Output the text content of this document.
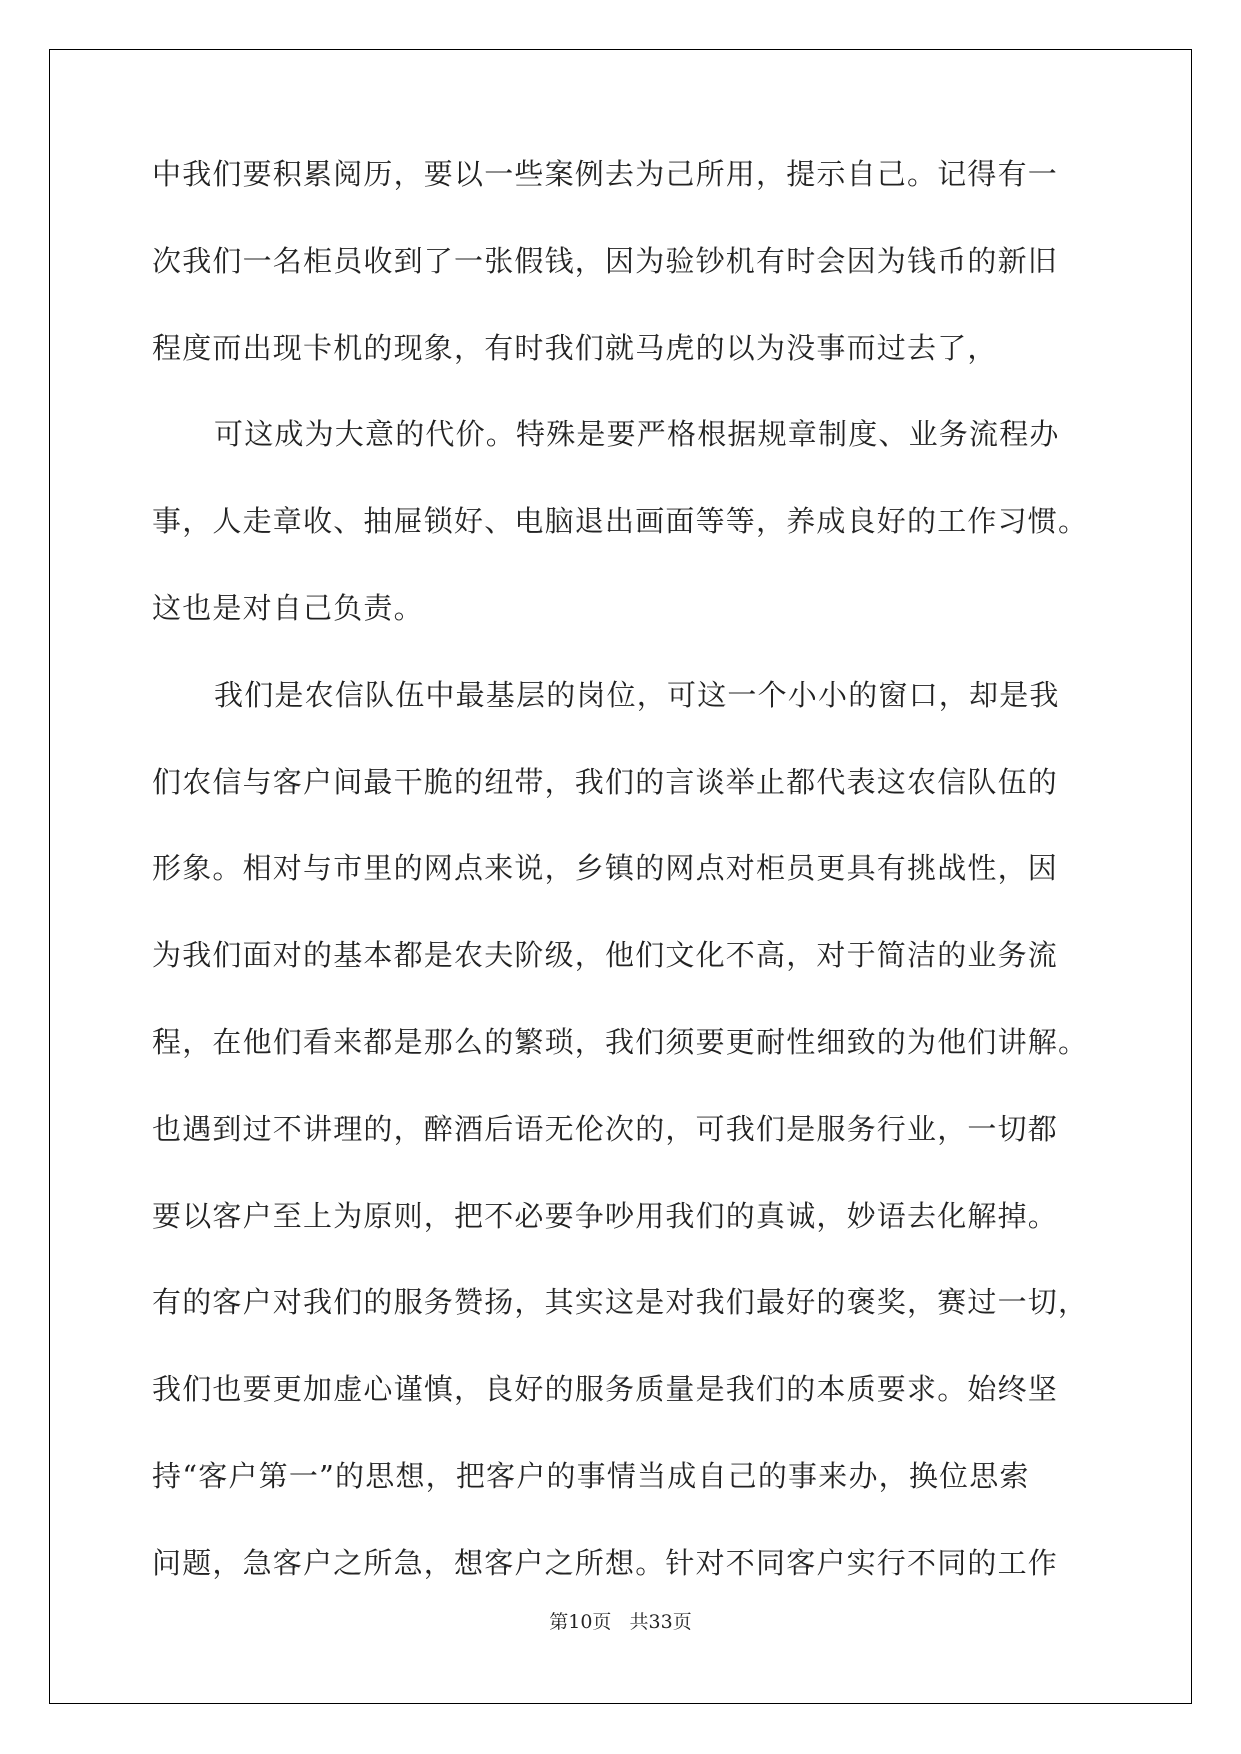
中我们要积累阅历，要以一些案例去为己所用，提示自己。记得有一
次我们一名柜员收到了一张假钱，因为验钞机有时会因为钱币的新旧
程度而出现卡机的现象，有时我们就马虎的以为没事而过去了，
可这成为大意的代价。特殊是要严格根据规章制度、业务流程办
事，人走章收、抽屉锁好、电脑退出画面等等，养成良好的工作习惯。
这也是对自己负责。
我们是农信队伍中最基层的岗位，可这一个小小的窗口，却是我
们农信与客户间最干脆的纽带，我们的言谈举止都代表这农信队伍的
形象。相对与市里的网点来说，乡镇的网点对柜员更具有挑战性，因
为我们面对的基本都是农夫阶级，他们文化不高，对于简洁的业务流
程，在他们看来都是那么的繁琐，我们须要更耐性细致的为他们讲解。
也遇到过不讲理的，醉酒后语无伦次的，可我们是服务行业，一切都
要以客户至上为原则，把不必要争吵用我们的真诚，妙语去化解掉。
有的客户对我们的服务赞扬，其实这是对我们最好的褒奖，赛过一切，
我们也要更加虚心谨慎，良好的服务质量是我们的本质要求。始终坚
持“客户第一”的思想，把客户的事情当成自己的事来办，换位思索
问题，急客户之所急，想客户之所想。针对不同客户实行不同的工作
第10页   共33页
